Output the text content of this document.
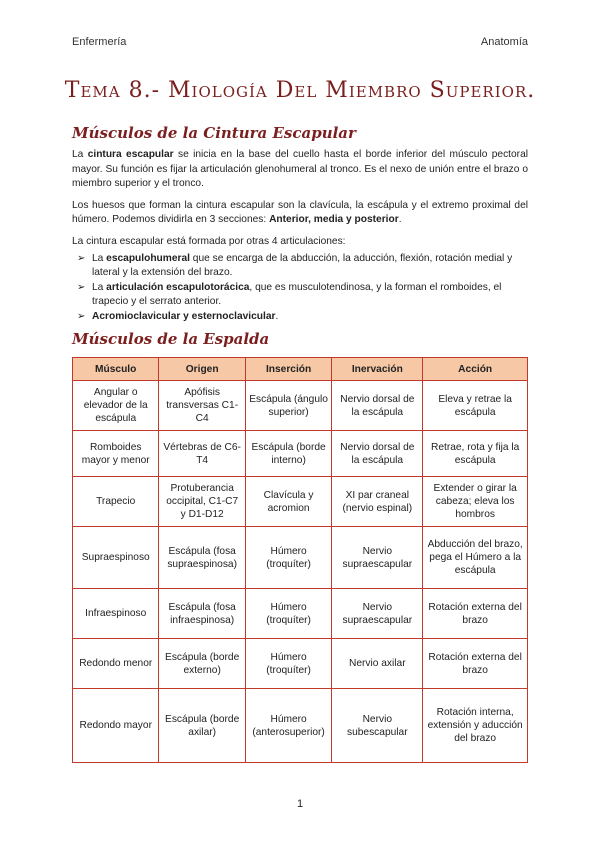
Enfermería	Anatomía
Tema 8.- Miología Del Miembro Superior.
Músculos de la Cintura Escapular

La cintura escapular se inicia en la base del cuello hasta el borde inferior del músculo pectoral mayor. Su función es fijar la articulación glenohumeral al tronco. Es el nexo de unión entre el brazo o miembro superior y el tronco.

Los huesos que forman la cintura escapular son la clavícula, la escápula y el extremo proximal del húmero. Podemos dividirla en 3 secciones: Anterior, media y posterior.

La cintura escapular está formada por otras 4 articulaciones:

➢ La escapulohumeral que se encarga de la abducción, la aducción, flexión, rotación medial y lateral y la extensión del brazo.
➢ La articulación escapulotorácica, que es musculotendinosa, y la forman el romboides, el trapecio y el serrato anterior.
➢ Acromioclavicular y esternoclavicular.
Músculos de la Espalda
Músculo	Origen	Inserción	Inervación	Acción
Angular o elevador de la escápula	Apófisis transversas C1-C4	Escápula (ángulo superior)	Nervio dorsal de la escápula	Eleva y retrae la escápula
Romboides mayor y menor	Vértebras de C6-T4	Escápula (borde interno)	Nervio dorsal de la escápula	Retrae, rota y fija la escápula
Trapecio	Protuberancia occipital, C1-C7 y D1-D12	Clavícula y acromion	XI par craneal (nervio espinal)	Extender o girar la cabeza; eleva los hombros
Supraespinoso	Escápula (fosa supraespinosa)	Húmero (troquíter)	Nervio supraescapular	Abducción del brazo, pega el Húmero a la escápula
Infraespinoso	Escápula (fosa infraespinosa)	Húmero (troquíter)	Nervio supraescapular	Rotación externa del brazo
Redondo menor	Escápula (borde externo)	Húmero (troquíter)	Nervio axilar	Rotación externa del brazo
Redondo mayor	Escápula (borde axilar)	Húmero (anterosuperior)	Nervio subescapular	Rotación interna, extensión y aducción del brazo
1
